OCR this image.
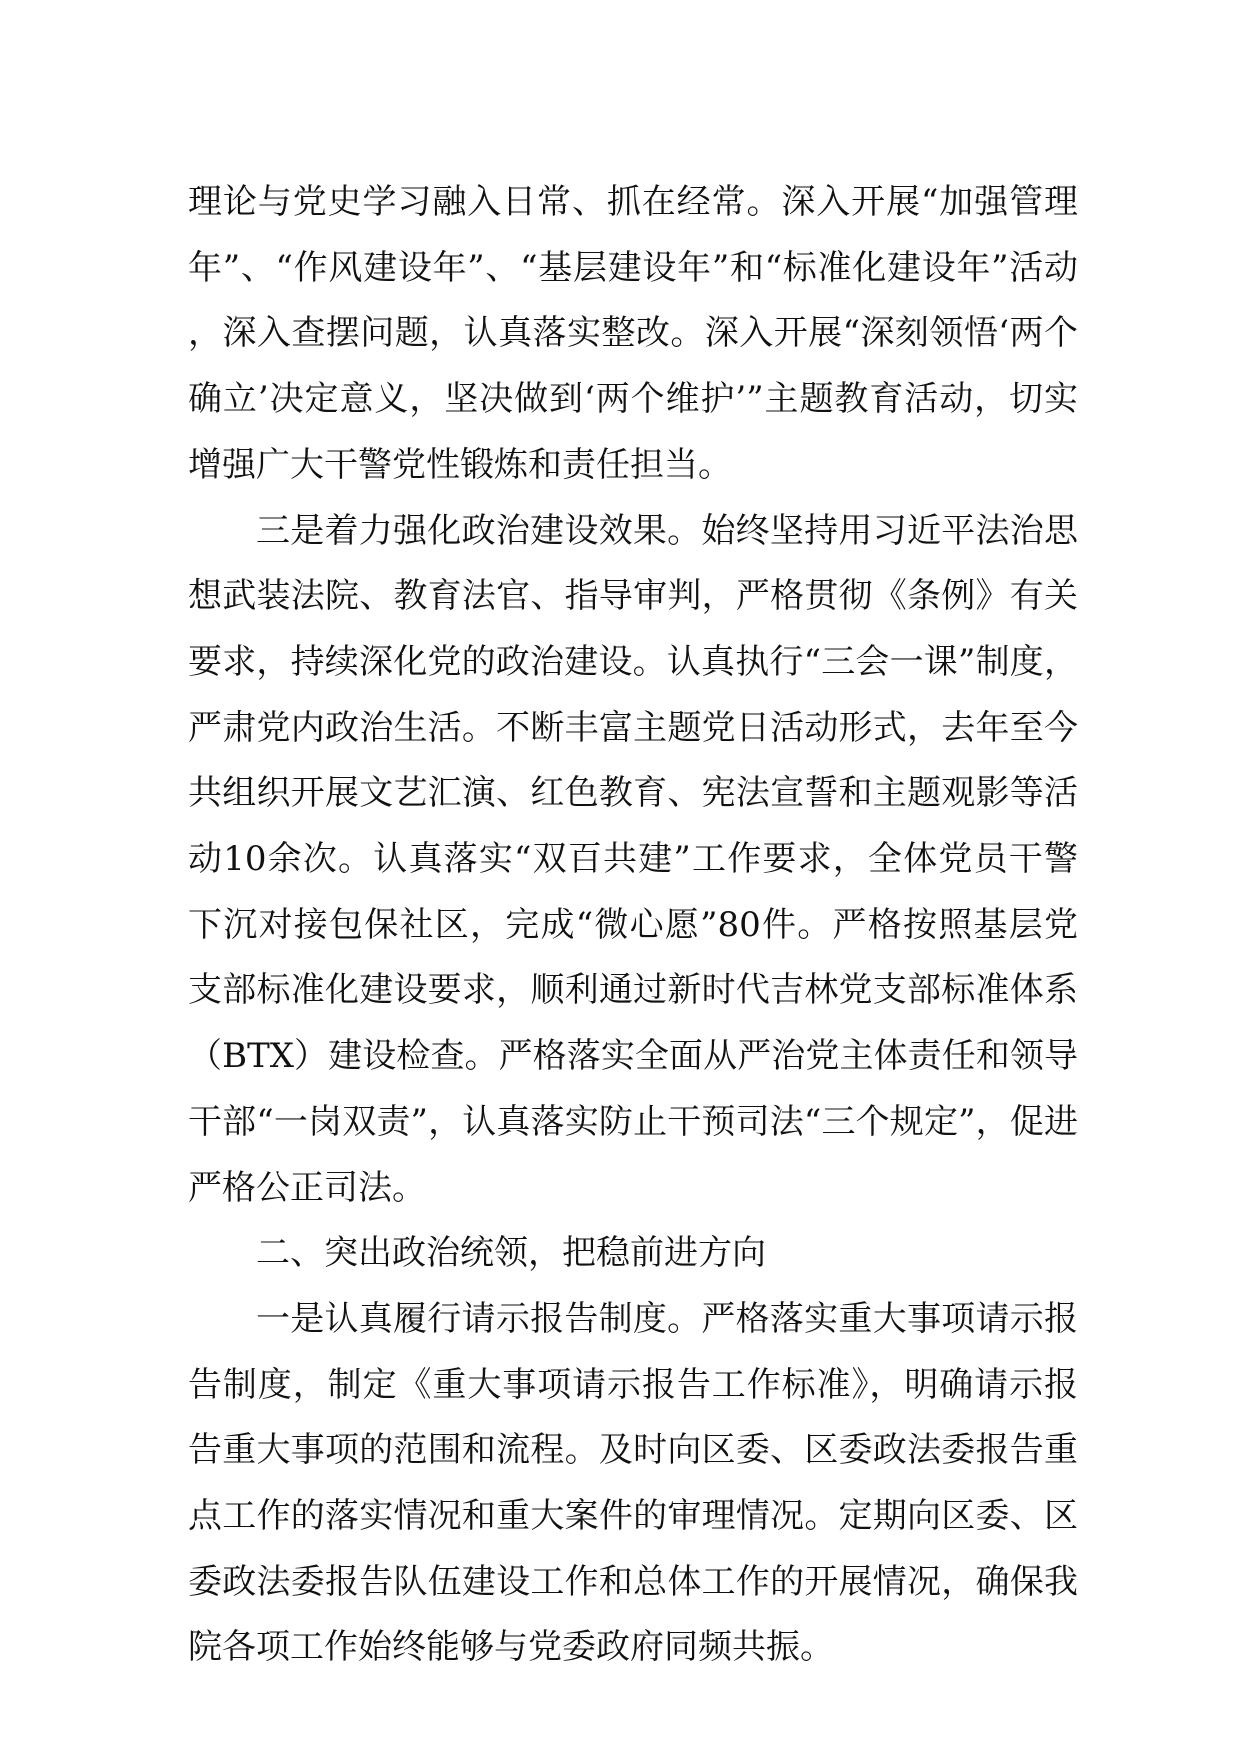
理论与党史学习融入日常、抓在经常。深入开展“加强管理年”、“作风建设年”、“基层建设年”和“标准化建设年”活动，深入查摆问题，认真落实整改。深入开展“深刻领悟‘两个确立’决定意义，坚决做到‘两个维护’”主题教育活动，切实增强广大干警党性锻炼和责任担当。

三是着力强化政治建设效果。始终坚持用习近平法治思想武装法院、教育法官、指导审判，严格贯彻《条例》有关要求，持续深化党的政治建设。认真执行“三会一课”制度，严肃党内政治生活。不断丰富主题党日活动形式，去年至今共组织开展文艺汇演、红色教育、宪法宣誓和主题观影等活动10余次。认真落实“双百共建”工作要求，全体党员干警下沉对接包保社区，完成“微心愿”80件。严格按照基层党支部标准化建设要求，顺利通过新时代吉林党支部标准体系（BTX）建设检查。严格落实全面从严治党主体责任和领导干部“一岗双责”，认真落实防止干预司法“三个规定”，促进严格公正司法。

二、突出政治统领，把稳前进方向

一是认真履行请示报告制度。严格落实重大事项请示报告制度，制定《重大事项请示报告工作标准》，明确请示报告重大事项的范围和流程。及时向区委、区委政法委报告重点工作的落实情况和重大案件的审理情况。定期向区委、区委政法委报告队伍建设工作和总体工作的开展情况，确保我院各项工作始终能够与党委政府同频共振。
